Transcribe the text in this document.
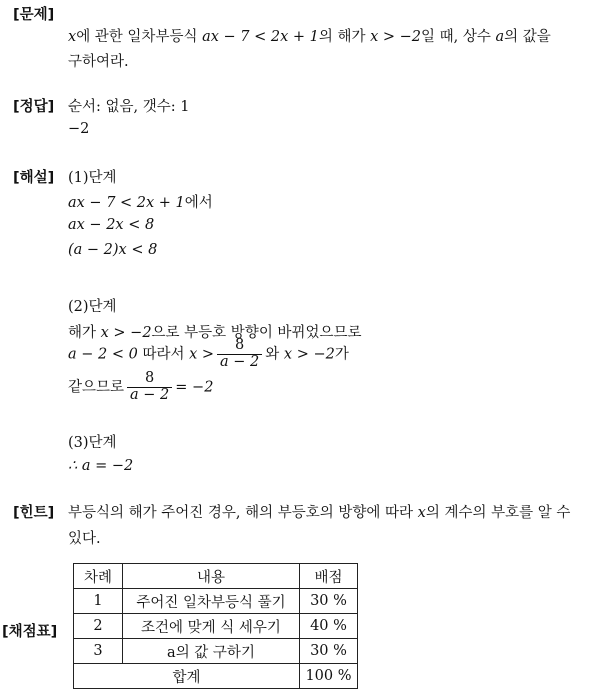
[문제]
x에 관한 일차부등식 ax − 7 < 2x + 1의 해가 x > −2일 때, 상수 a의 값을
구하여라.
[정답] 순서: 없음, 갯수: 1
−2
[해설] (1)단계
ax − 7 < 2x + 1에서
ax − 2x < 8
(a − 2)x < 8
(2)단계
해가 x > −2으로 부등호 방향이 바뀌었으므로
a − 2 < 0 따라서 $x > \frac{8}{a - 2}$ 와 x > −2가
같으므로 $\frac{8}{a - 2} = -2$
(3)단계
∴ a = −2
[힌트] 부등식의 해가 주어진 경우, 해의 부등호의 방향에 따라 x의 계수의 부호를 알 수
있다.
[채점표]
차례	내용	배점
1	주어진 일차부등식 풀기	30 %
2	조건에 맞게 식 세우기	40 %
3	a의 값 구하기	30 %
합계		100 %
